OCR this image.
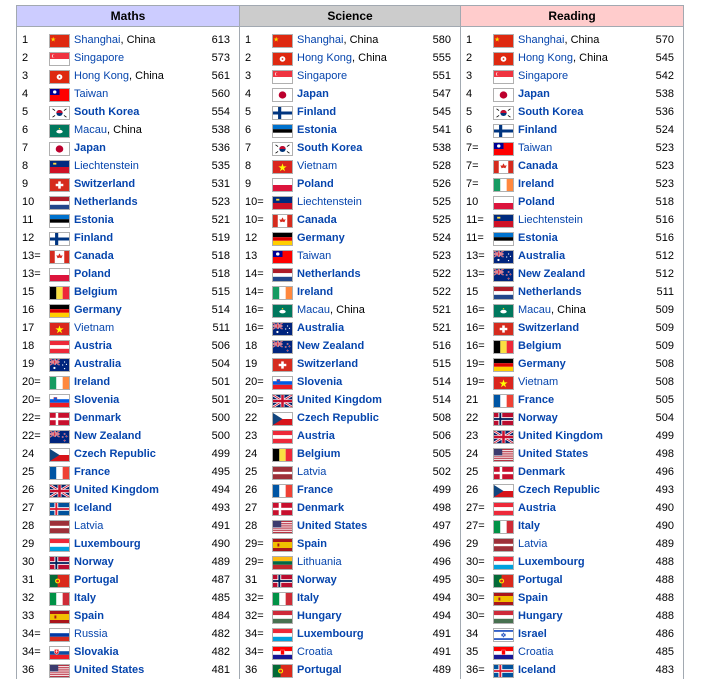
Maths	Science	Reading
1	Shanghai, China	613
2	Singapore	573
3	Hong Kong, China	561
4	Taiwan	560
5	South Korea	554
6	Macau, China	538
7	Japan	536
8	Liechtenstein	535
9	Switzerland	531
10	Netherlands	523
11	Estonia	521
12	Finland	519
13=	Canada	518
13=	Poland	518
15	Belgium	515
16	Germany	514
17	Vietnam	511
18	Austria	506
19	Australia	504
20=	Ireland	501
20=	Slovenia	501
22=	Denmark	500
22=	New Zealand	500
24	Czech Republic	499
25	France	495
26	United Kingdom	494
27	Iceland	493
28	Latvia	491
29	Luxembourg	490
30	Norway	489
31	Portugal	487
32	Italy	485
33	Spain	484
34=	Russia	482
34=	Slovakia	482
36	United States	481
1	Shanghai, China	580
2	Hong Kong, China	555
3	Singapore	551
4	Japan	547
5	Finland	545
6	Estonia	541
7	South Korea	538
8	Vietnam	528
9	Poland	526
10=	Liechtenstein	525
10=	Canada	525
12	Germany	524
13	Taiwan	523
14=	Netherlands	522
14=	Ireland	522
16=	Macau, China	521
16=	Australia	521
18	New Zealand	516
19	Switzerland	515
20=	Slovenia	514
20=	United Kingdom	514
22	Czech Republic	508
23	Austria	506
24	Belgium	505
25	Latvia	502
26	France	499
27	Denmark	498
28	United States	497
29=	Spain	496
29=	Lithuania	496
31	Norway	495
32=	Italy	494
32=	Hungary	494
34=	Luxembourg	491
34=	Croatia	491
36	Portugal	489
1	Shanghai, China	570
2	Hong Kong, China	545
3	Singapore	542
4	Japan	538
5	South Korea	536
6	Finland	524
7=	Taiwan	523
7=	Canada	523
7=	Ireland	523
10	Poland	518
11=	Liechtenstein	516
11=	Estonia	516
13=	Australia	512
13=	New Zealand	512
15	Netherlands	511
16=	Macau, China	509
16=	Switzerland	509
16=	Belgium	509
19=	Germany	508
19=	Vietnam	508
21	France	505
22	Norway	504
23	United Kingdom	499
24	United States	498
25	Denmark	496
26	Czech Republic	493
27=	Austria	490
27=	Italy	490
29	Latvia	489
30=	Luxembourg	488
30=	Portugal	488
30=	Spain	488
30=	Hungary	488
34	Israel	486
35	Croatia	485
36=	Iceland	483
